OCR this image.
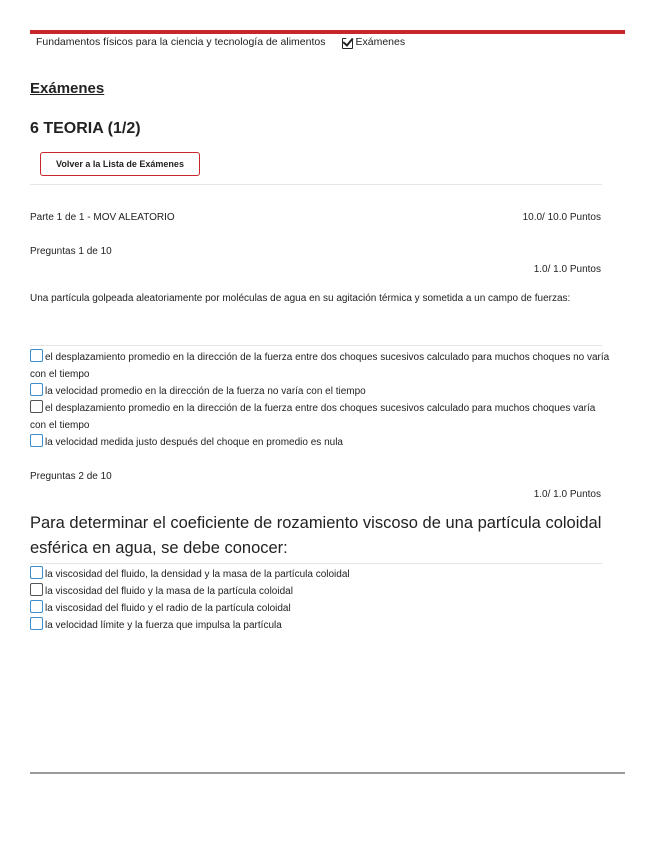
Fundamentos físicos para la ciencia y tecnología de alimentos	Exámenes
Exámenes
6 TEORIA (1/2)
Volver a la Lista de Exámenes
Parte 1 de 1 - MOV ALEATORIO	10.0/ 10.0 Puntos
Preguntas 1 de 10
1.0/ 1.0 Puntos
Una partícula golpeada aleatoriamente por moléculas de agua en su agitación térmica y sometida a un campo de fuerzas:
el desplazamiento promedio en la dirección de la fuerza entre dos choques sucesivos calculado para muchos choques no varía con el tiempo
la velocidad promedio en la dirección de la fuerza no varía con el tiempo
el desplazamiento promedio en la dirección de la fuerza entre dos choques sucesivos calculado para muchos choques varía con el tiempo
la velocidad medida justo después del choque en promedio es nula
Preguntas 2 de 10
1.0/ 1.0 Puntos
Para determinar el coeficiente de rozamiento viscoso de una partícula coloidal esférica en agua, se debe conocer:
la viscosidad del fluido, la densidad y la masa de la partícula coloidal
la viscosidad del fluido y la masa de la partícula coloidal
la viscosidad del fluido y el radio de la partícula coloidal
la velocidad límite y la fuerza que impulsa la partícula
